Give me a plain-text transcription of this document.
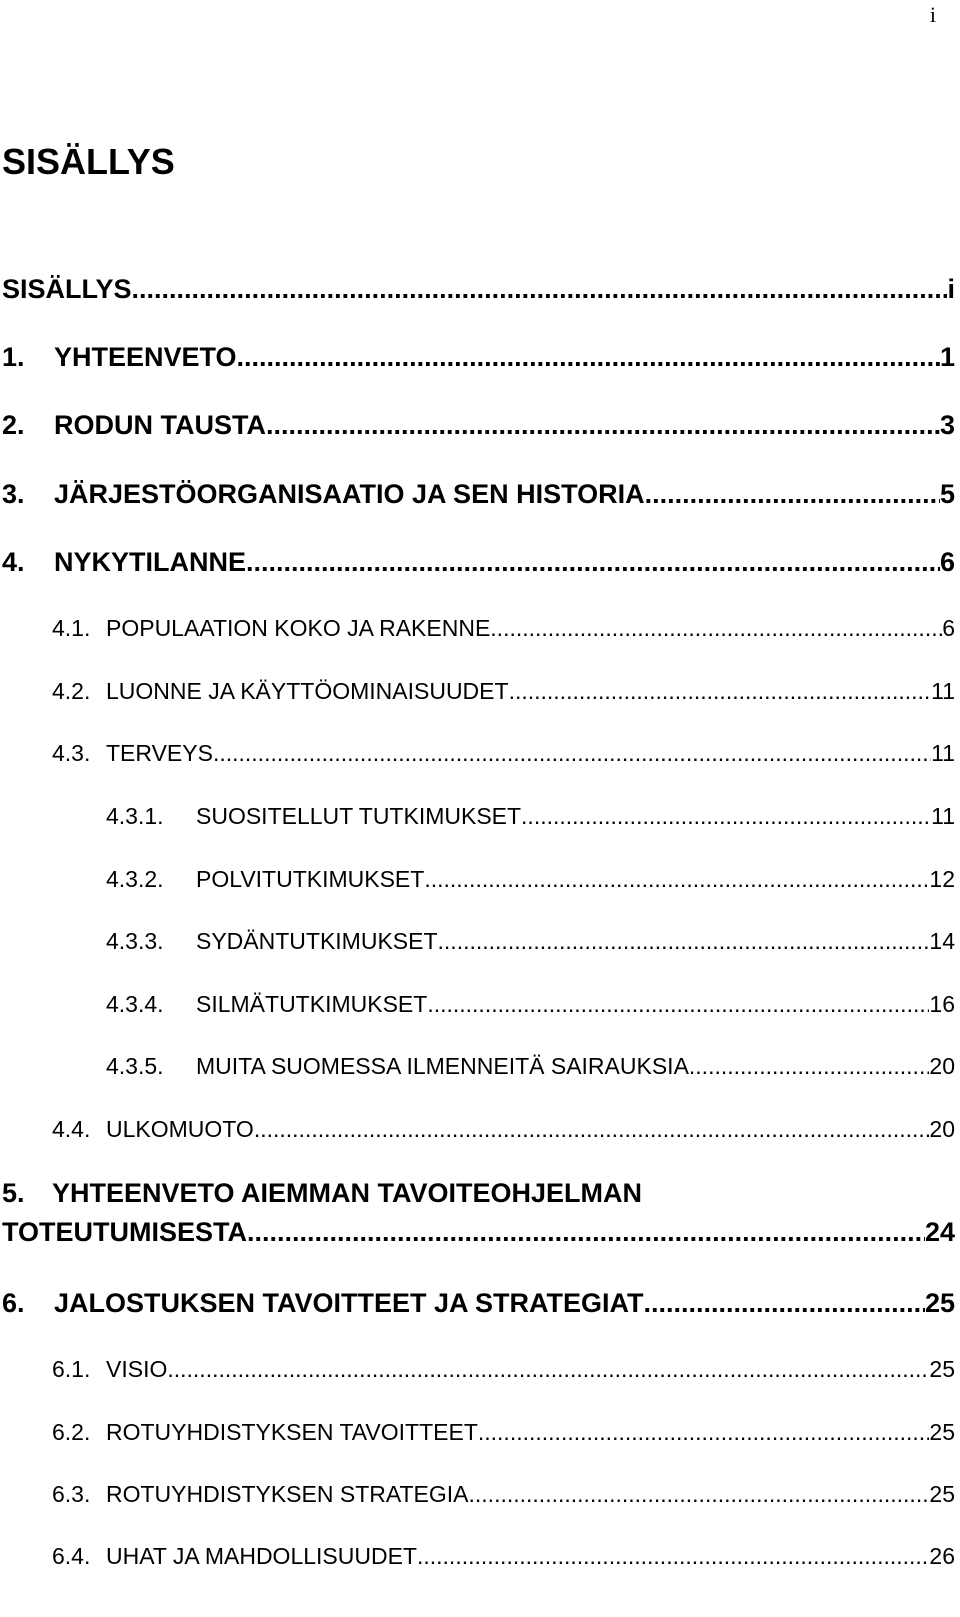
i
SISÄLLYS
SISÄLLYS .....	i
1.	YHTEENVETO .....	1
2.	RODUN TAUSTA .....	3
3.	JÄRJESTÖORGANISAATIO JA SEN HISTORIA .....	5
4.	NYKYTILANNE .....	6
4.1. POPULAATION KOKO JA RAKENNE .....	6
4.2. LUONNE JA KÄYTTÖOMINAISUUDET .....	11
4.3. TERVEYS .....	11
4.3.1.	SUOSITELLUT TUTKIMUKSET .....	11
4.3.2.	POLVITUTKIMUKSET .....	12
4.3.3.	SYDÄNTUTKIMUKSET .....	14
4.3.4.	SILMÄTUTKIMUKSET .....	16
4.3.5.	MUITA SUOMESSA ILMENNEITÄ SAIRAUKSIA .....	20
4.4. ULKOMUOTO .....	20
5.	YHTEENVETO AIEMMAN TAVOITEOHJELMAN
TOTEUTUMISESTA .....	24
6.	JALOSTUKSEN TAVOITTEET JA STRATEGIAT .....	25
6.1. VISIO .....	25
6.2. ROTUYHDISTYKSEN TAVOITTEET .....	25
6.3. ROTUYHDISTYKSEN STRATEGIA .....	25
6.4. UHAT JA MAHDOLLISUUDET .....	26
